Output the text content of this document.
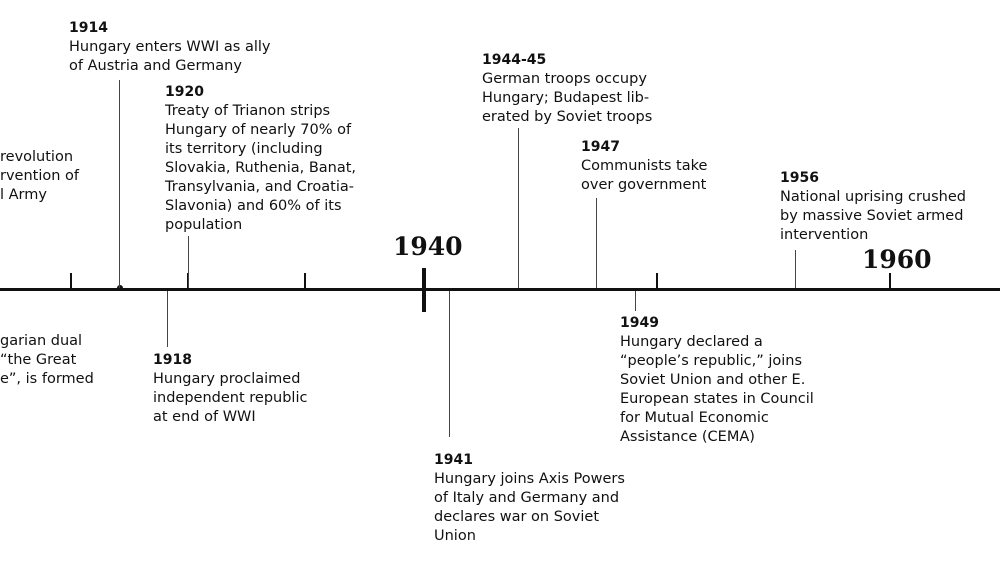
1940	1960
revolution
rvention of
l Army
garian dual
“the Great
e”, is formed
1914
Hungary enters WWI as ally
of Austria and Germany
1920
Treaty of Trianon strips
Hungary of nearly 70% of
its territory (including
Slovakia, Ruthenia, Banat,
Transylvania, and Croatia-
Slavonia) and 60% of its
population
1918
Hungary proclaimed
independent republic
at end of WWI
1941
Hungary joins Axis Powers
of Italy and Germany and
declares war on Soviet
Union
1944-45
German troops occupy
Hungary; Budapest lib-
erated by Soviet troops
1947
Communists take
over government
1949
Hungary declared a
“people’s republic,” joins
Soviet Union and other E.
European states in Council
for Mutual Economic
Assistance (CEMA)
1956
National uprising crushed
by massive Soviet armed
intervention
